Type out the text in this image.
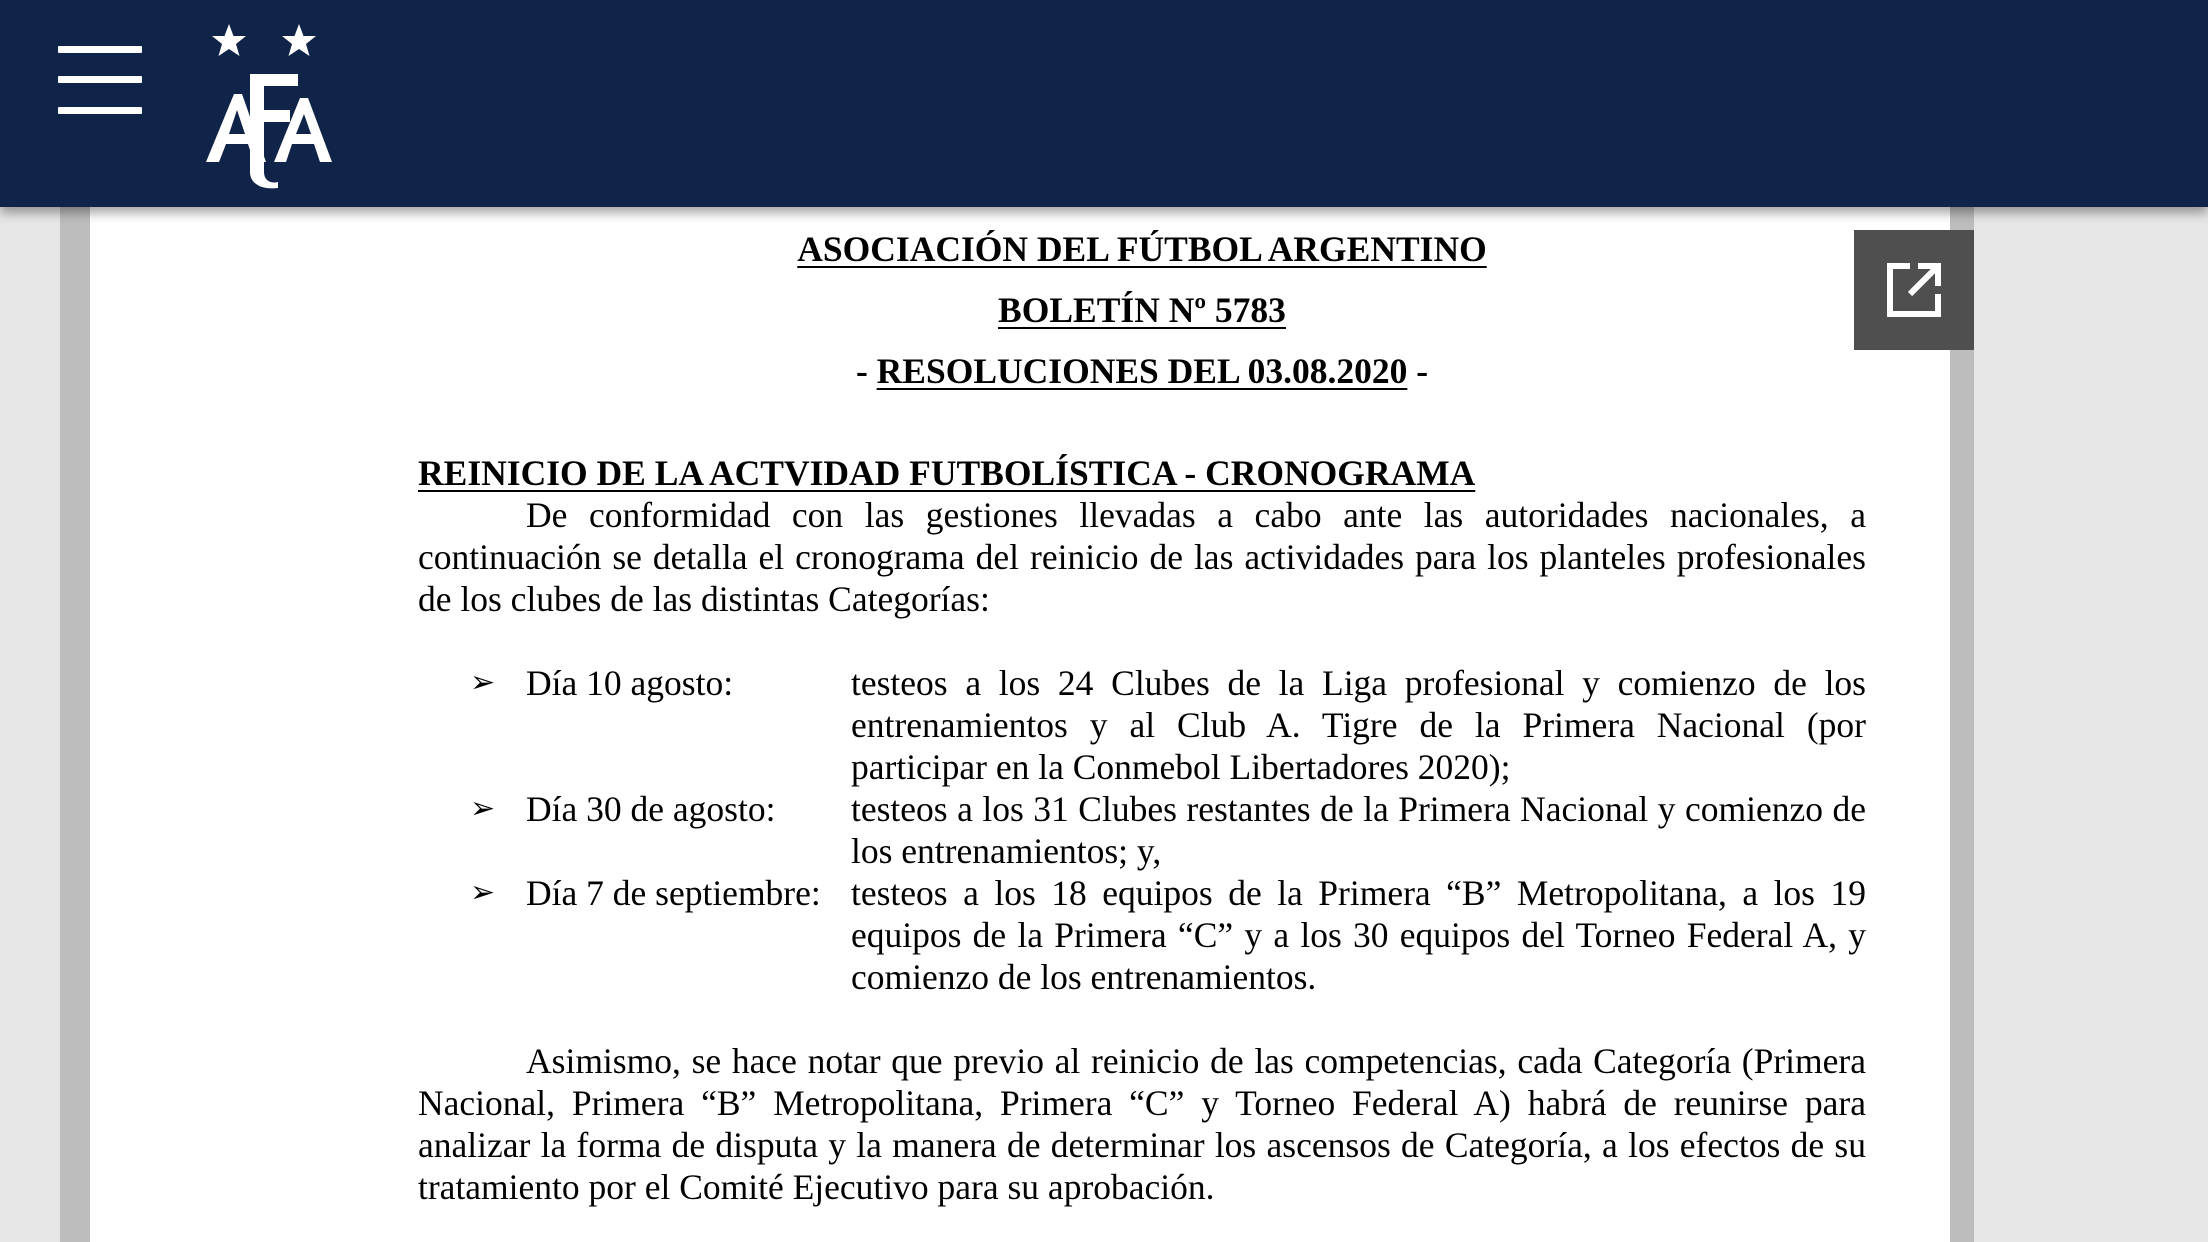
ASOCIACIÓN DEL FÚTBOL ARGENTINO

BOLETÍN Nº 5783

- RESOLUCIONES DEL 03.08.2020 -

REINICIO DE LA ACTVIDAD FUTBOLÍSTICA - CRONOGRAMA

De conformidad con las gestiones llevadas a cabo ante las autoridades nacionales, a continuación se detalla el cronograma del reinicio de las actividades para los planteles profesionales de los clubes de las distintas Categorías:

➢ Día 10 agosto:	testeos a los 24 Clubes de la Liga profesional y comienzo de los entrenamientos y al Club A. Tigre de la Primera Nacional (por participar en la Conmebol Libertadores 2020);
➢ Día 30 de agosto:	testeos a los 31 Clubes restantes de la Primera Nacional y comienzo de los entrenamientos; y,
➢ Día 7 de septiembre: testeos a los 18 equipos de la Primera “B” Metropolitana, a los 19 equipos de la Primera “C” y a los 30 equipos del Torneo Federal A, y comienzo de los entrenamientos.

Asimismo, se hace notar que previo al reinicio de las competencias, cada Categoría (Primera Nacional, Primera “B” Metropolitana, Primera “C” y Torneo Federal A) habrá de reunirse para analizar la forma de disputa y la manera de determinar los ascensos de Categoría, a los efectos de su tratamiento por el Comité Ejecutivo para su aprobación.
